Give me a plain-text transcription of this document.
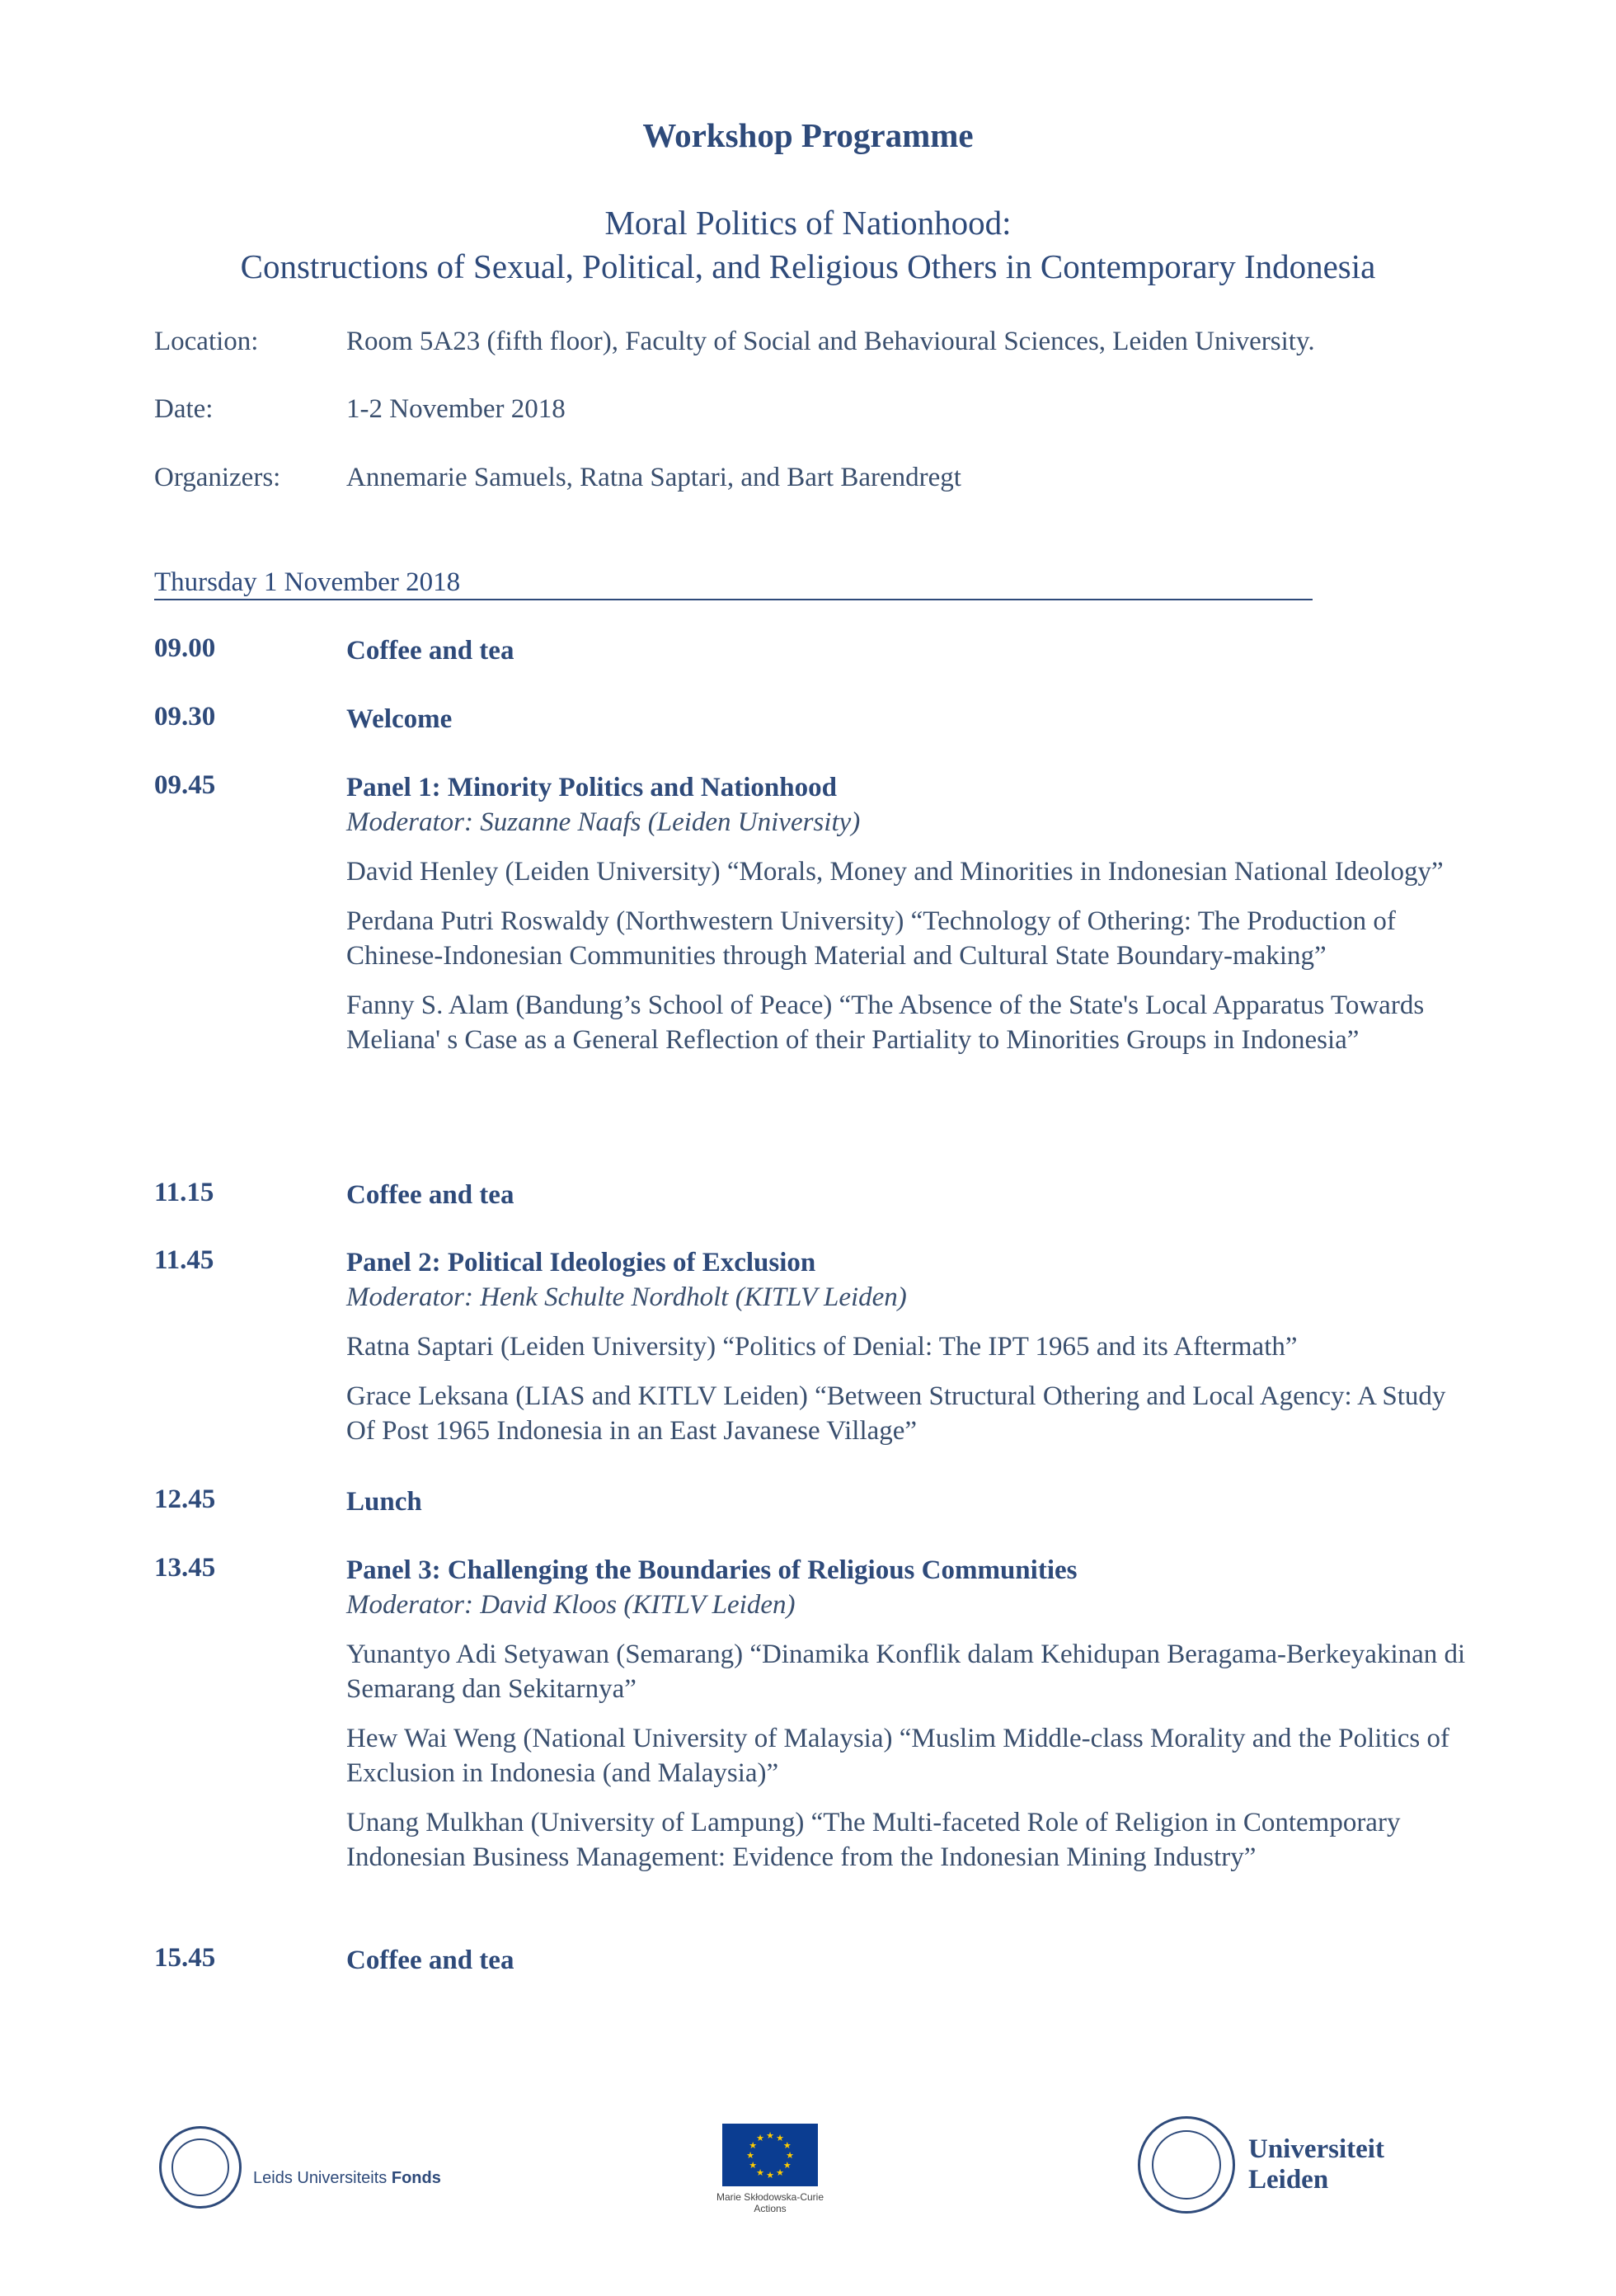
Workshop Programme
Moral Politics of Nationhood:
Constructions of Sexual, Political, and Religious Others in Contemporary Indonesia
Location:	Room 5A23 (fifth floor), Faculty of Social and Behavioural Sciences, Leiden University.
Date:	1-2 November 2018
Organizers: Annemarie Samuels, Ratna Saptari, and Bart Barendregt
Thursday 1 November 2018
09.00	Coffee and tea
09.30	Welcome
09.45	Panel 1: Minority Politics and Nationhood
Moderator: Suzanne Naafs (Leiden University)
David Henley (Leiden University) “Morals, Money and Minorities in Indonesian National Ideology”
Perdana Putri Roswaldy (Northwestern University) “Technology of Othering: The Production of Chinese-Indonesian Communities through Material and Cultural State Boundary-making”
Fanny S. Alam (Bandung’s School of Peace) “The Absence of the State's Local Apparatus Towards Meliana' s Case as a General Reflection of their Partiality to Minorities Groups in Indonesia”
11.15	Coffee and tea
11.45	Panel 2: Political Ideologies of Exclusion
Moderator: Henk Schulte Nordholt (KITLV Leiden)
Ratna Saptari (Leiden University) “Politics of Denial: The IPT 1965 and its Aftermath”
Grace Leksana (LIAS and KITLV Leiden) “Between Structural Othering and Local Agency: A Study Of Post 1965 Indonesia in an East Javanese Village”
12.45	Lunch
13.45	Panel 3: Challenging the Boundaries of Religious Communities
Moderator: David Kloos (KITLV Leiden)
Yunantyo Adi Setyawan (Semarang) “Dinamika Konflik dalam Kehidupan Beragama-Berkeyakinan di Semarang dan Sekitarnya”
Hew Wai Weng (National University of Malaysia) “Muslim Middle-class Morality and the Politics of Exclusion in Indonesia (and Malaysia)”
Unang Mulkhan (University of Lampung) “The Multi-faceted Role of Religion in Contemporary Indonesian Business Management: Evidence from the Indonesian Mining Industry”
15.45	Coffee and tea
Leids Universiteits Fonds
★
★
★
★
★
★
★
★
★ ★ ★
★
Marie Skłodowska-Curie
Actions
Universiteit
Leiden
